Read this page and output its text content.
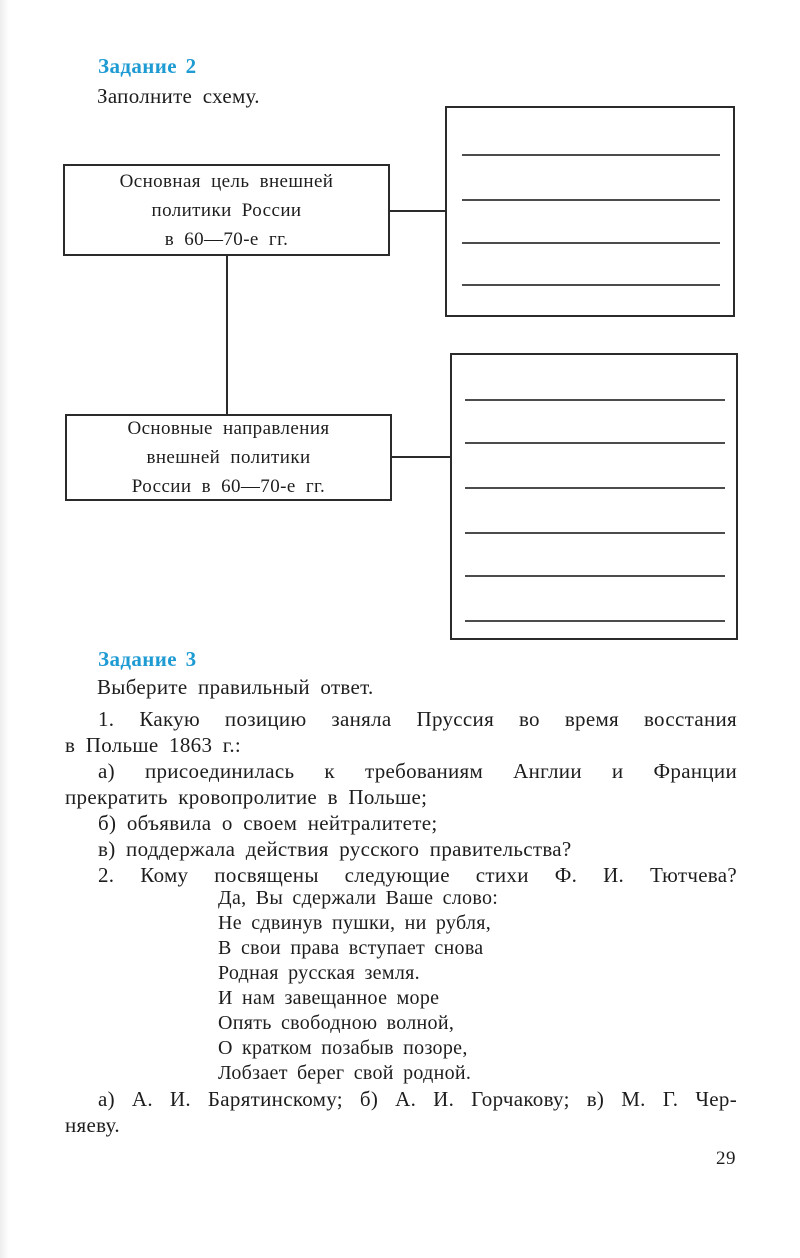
Задание 2
Заполните схему.
Основная цель внешней
политики России
в 60—70-е гг.
Основные направления
внешней политики
России в 60—70-е гг.
Задание 3
Выберите правильный ответ.
1. Какую позицию заняла Пруссия во время восстания
в Польше 1863 г.:
а) присоединилась к требованиям Англии и Франции
прекратить кровопролитие в Польше;
б) объявила о своем нейтралитете;
в) поддержала действия русского правительства?
2. Кому посвящены следующие стихи Ф. И. Тютчева?
Да, Вы сдержали Ваше слово:
Не сдвинув пушки, ни рубля,
В свои права вступает снова
Родная русская земля.
И нам завещанное море
Опять свободною волной,
О кратком позабыв позоре,
Лобзает берег свой родной.
а) А. И. Барятинскому; б) А. И. Горчакову; в) М. Г. Чер-
няеву.
29
